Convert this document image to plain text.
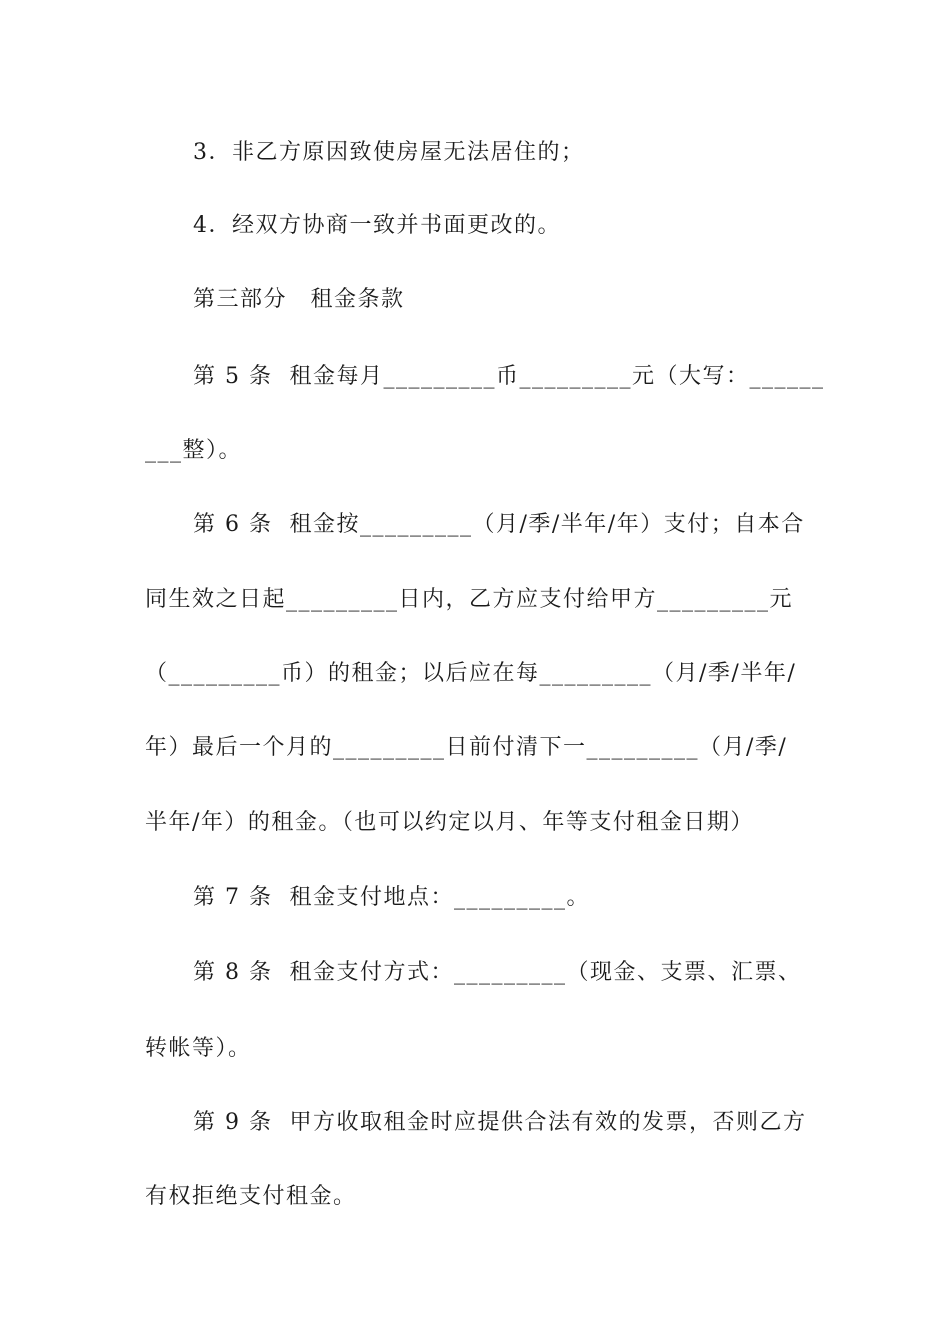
3．非乙方原因致使房屋无法居住的；
4．经双方协商一致并书面更改的。
第三部分　租金条款
第 5 条  租金每月_________币_________元（大写：______
___整）。
第 6 条  租金按_________（月/季/半年/年）支付；自本合
同生效之日起_________日内，乙方应支付给甲方_________元
（_________币）的租金；以后应在每_________（月/季/半年/
年）最后一个月的_________日前付清下一_________（月/季/
半年/年）的租金。（也可以约定以月、年等支付租金日期）
第 7 条  租金支付地点：_________。
第 8 条  租金支付方式：_________（现金、支票、汇票、
转帐等）。
第 9 条  甲方收取租金时应提供合法有效的发票，否则乙方
有权拒绝支付租金。
